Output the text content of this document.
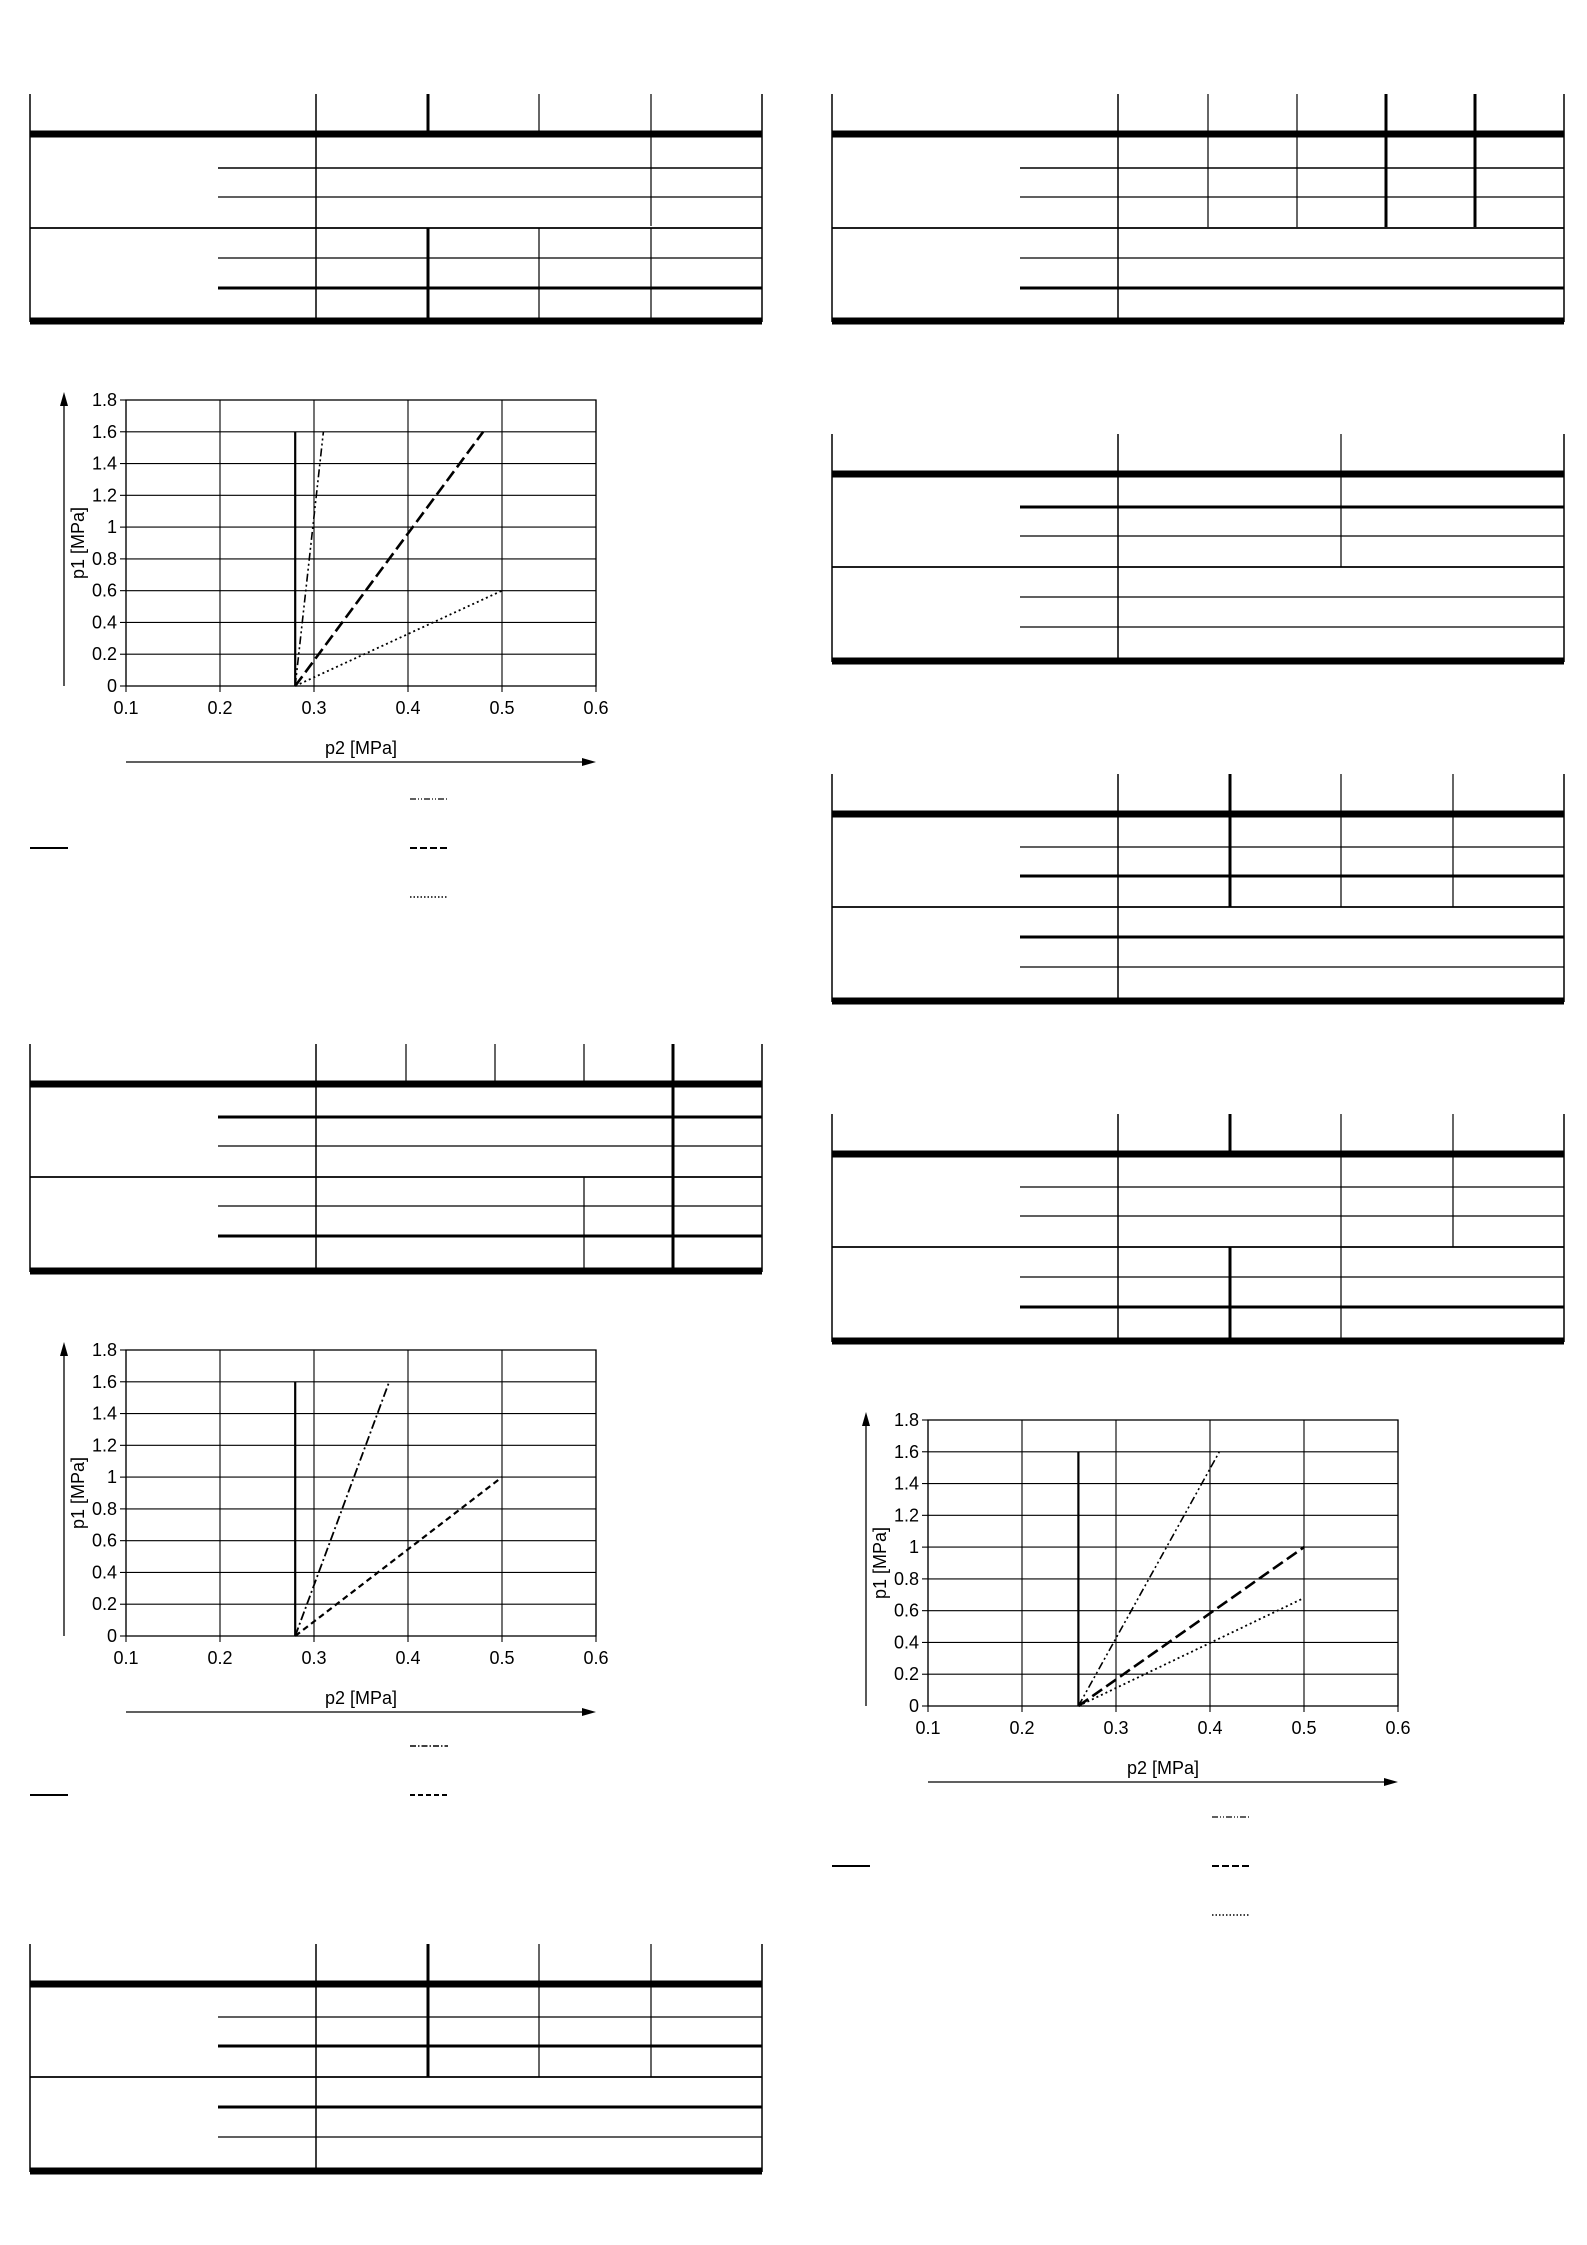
0
0.2
0.4
0.6
0.8
1
1.2
1.4
1.6
1.8
0.1	0.2	0.3	0.4	0.5	0.6
p2 [MPa]
p1 [MPa]
0
0.2
0.4
0.6
0.8
1
1.2
1.4
1.6
1.8
0.1	0.2	0.3	0.4	0.5	0.6
p2 [MPa]
p1 [MPa]
0
0.2
0.4
0.6
0.8
1
1.2
1.4
1.6
1.8
0.1	0.2	0.3	0.4	0.5	0.6
p2 [MPa]
p1 [MPa]
